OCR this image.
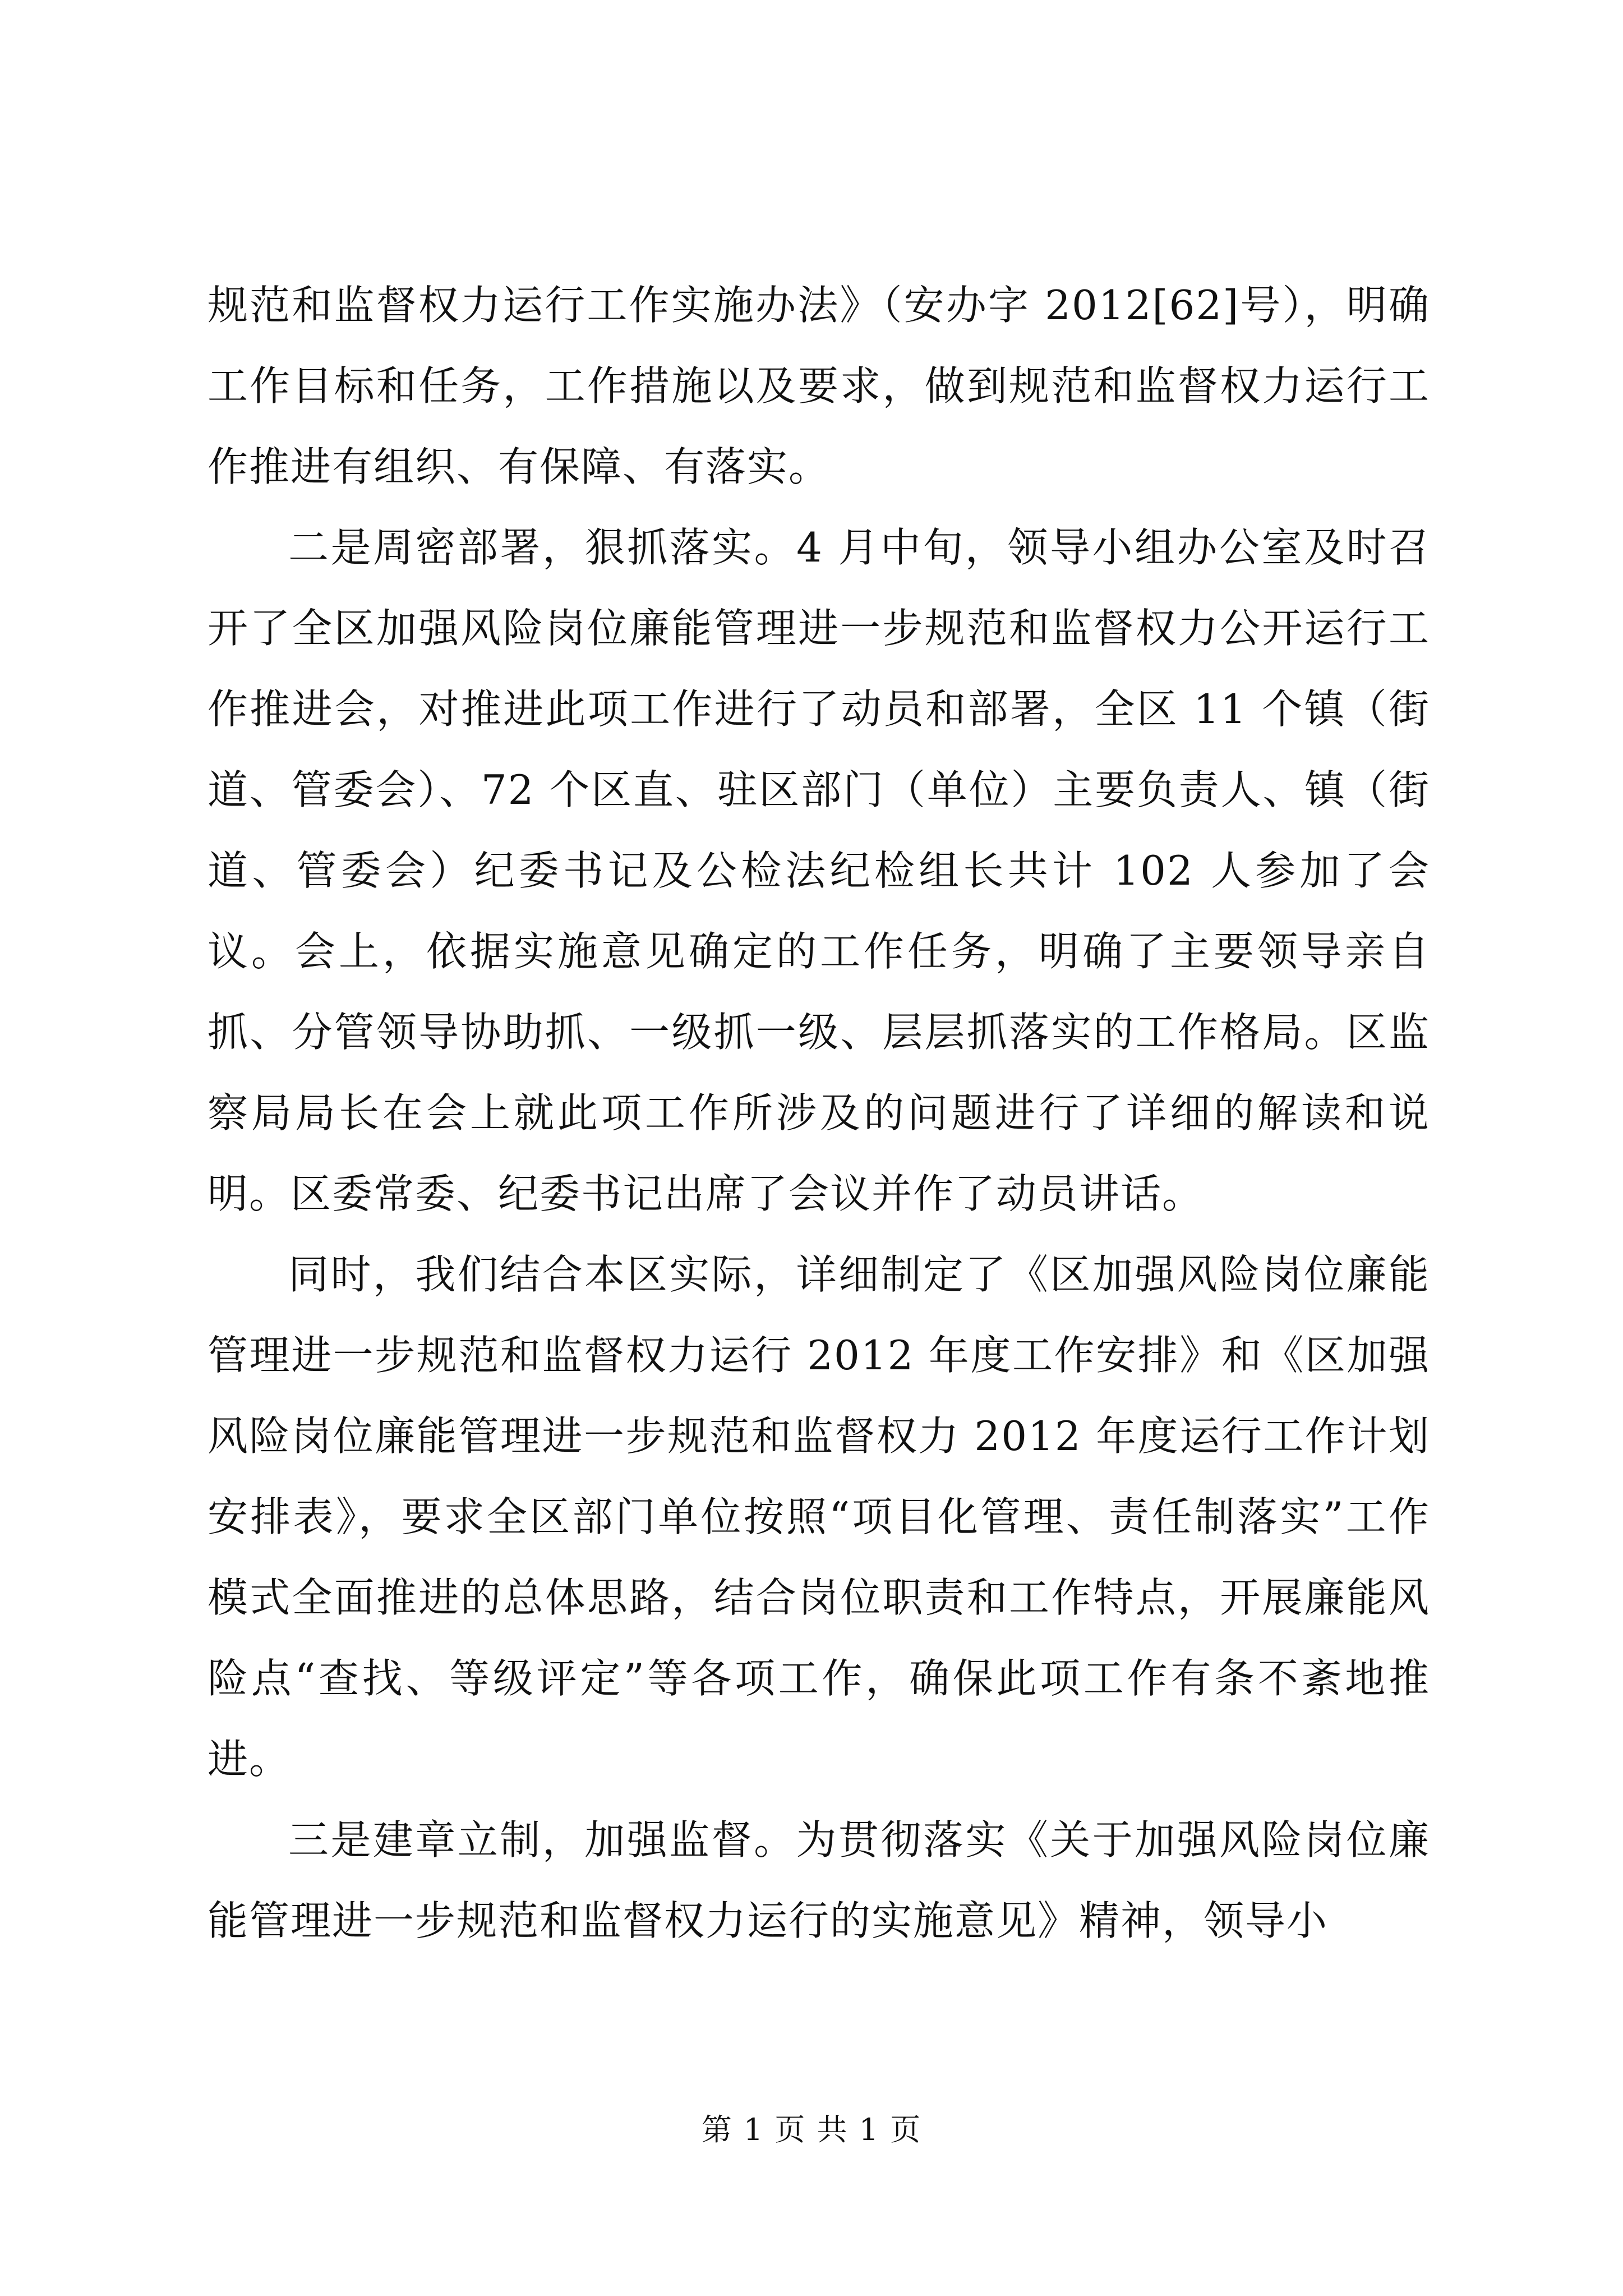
规范和监督权力运行工作实施办法》（安办字 2012[62]号），明确工作目标和任务，工作措施以及要求，做到规范和监督权力运行工作推进有组织、有保障、有落实。

二是周密部署，狠抓落实。4 月中旬，领导小组办公室及时召开了全区加强风险岗位廉能管理进一步规范和监督权力公开运行工作推进会，对推进此项工作进行了动员和部署，全区 11 个镇（街道、管委会）、72 个区直、驻区部门（单位）主要负责人、镇（街道、管委会）纪委书记及公检法纪检组长共计 102 人参加了会议。会上，依据实施意见确定的工作任务，明确了主要领导亲自抓、分管领导协助抓、一级抓一级、层层抓落实的工作格局。区监察局局长在会上就此项工作所涉及的问题进行了详细的解读和说明。区委常委、纪委书记出席了会议并作了动员讲话。

同时，我们结合本区实际，详细制定了《区加强风险岗位廉能管理进一步规范和监督权力运行 2012 年度工作安排》和《区加强风险岗位廉能管理进一步规范和监督权力 2012 年度运行工作计划安排表》，要求全区部门单位按照“项目化管理、责任制落实”工作模式全面推进的总体思路，结合岗位职责和工作特点，开展廉能风险点“查找、等级评定”等各项工作，确保此项工作有条不紊地推进。

三是建章立制，加强监督。为贯彻落实《关于加强风险岗位廉能管理进一步规范和监督权力运行的实施意见》精神，领导小

第 1 页 共 1 页
